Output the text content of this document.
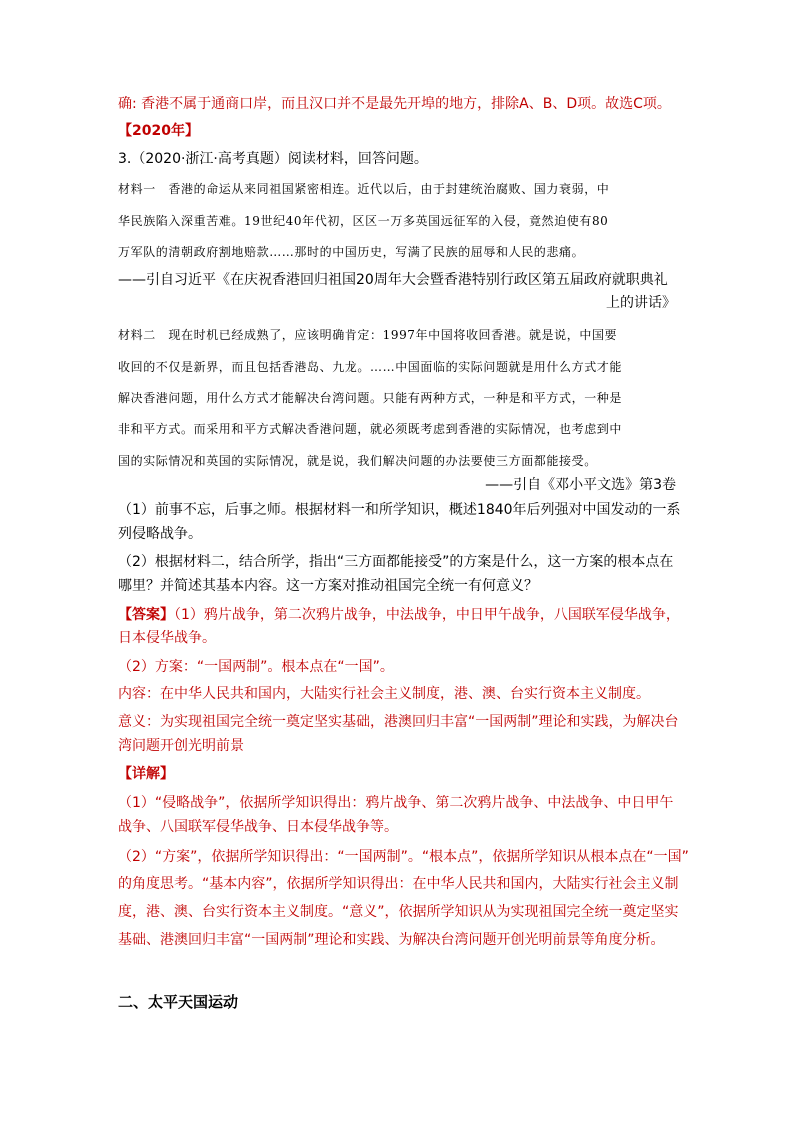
确: 香港不属于通商口岸，而且汉口并不是最先开埠的地方，排除A、B、D项。故选C项。
【2020年】
3.（2020·浙江·高考真题）阅读材料，回答问题。
材料一　香港的命运从来同祖国紧密相连。近代以后，由于封建统治腐败、国力衰弱，中
华民族陷入深重苦难。19世纪40年代初，区区一万多英国远征军的入侵，竟然迫使有80
万军队的清朝政府割地赔款……那时的中国历史，写满了民族的屈辱和人民的悲痛。
——引自习近平《在庆祝香港回归祖国20周年大会暨香港特别行政区第五届政府就职典礼
上的讲话》
材料二　现在时机已经成熟了，应该明确肯定：1997年中国将收回香港。就是说，中国要
收回的不仅是新界，而且包括香港岛、九龙。……中国面临的实际问题就是用什么方式才能
解决香港问题，用什么方式才能解决台湾问题。只能有两种方式，一种是和平方式，一种是
非和平方式。而采用和平方式解决香港问题，就必须既考虑到香港的实际情况，也考虑到中
国的实际情况和英国的实际情况，就是说，我们解决问题的办法要使三方面都能接受。
——引自《邓小平文选》第3卷
（1）前事不忘，后事之师。根据材料一和所学知识，概述1840年后列强对中国发动的一系
列侵略战争。
（2）根据材料二，结合所学，指出“三方面都能接受”的方案是什么，这一方案的根本点在
哪里？并简述其基本内容。这一方案对推动祖国完全统一有何意义？
【答案】（1）鸦片战争，第二次鸦片战争，中法战争，中日甲午战争，八国联军侵华战争，
日本侵华战争。
（2）方案：“一国两制”。根本点在“一国”。
内容：在中华人民共和国内，大陆实行社会主义制度，港、澳、台实行资本主义制度。
意义：为实现祖国完全统一奠定坚实基础，港澳回归丰富“一国两制”理论和实践，为解决台
湾问题开创光明前景
【详解】
（1）“侵略战争”，依据所学知识得出：鸦片战争、第二次鸦片战争、中法战争、中日甲午
战争、八国联军侵华战争、日本侵华战争等。
（2）“方案”，依据所学知识得出：“一国两制”。“根本点”，依据所学知识从根本点在“一国”
的角度思考。“基本内容”，依据所学知识得出：在中华人民共和国内，大陆实行社会主义制
度，港、澳、台实行资本主义制度。“意义”，依据所学知识从为实现祖国完全统一奠定坚实
基础、港澳回归丰富“一国两制”理论和实践、为解决台湾问题开创光明前景等角度分析。
二、太平天国运动
